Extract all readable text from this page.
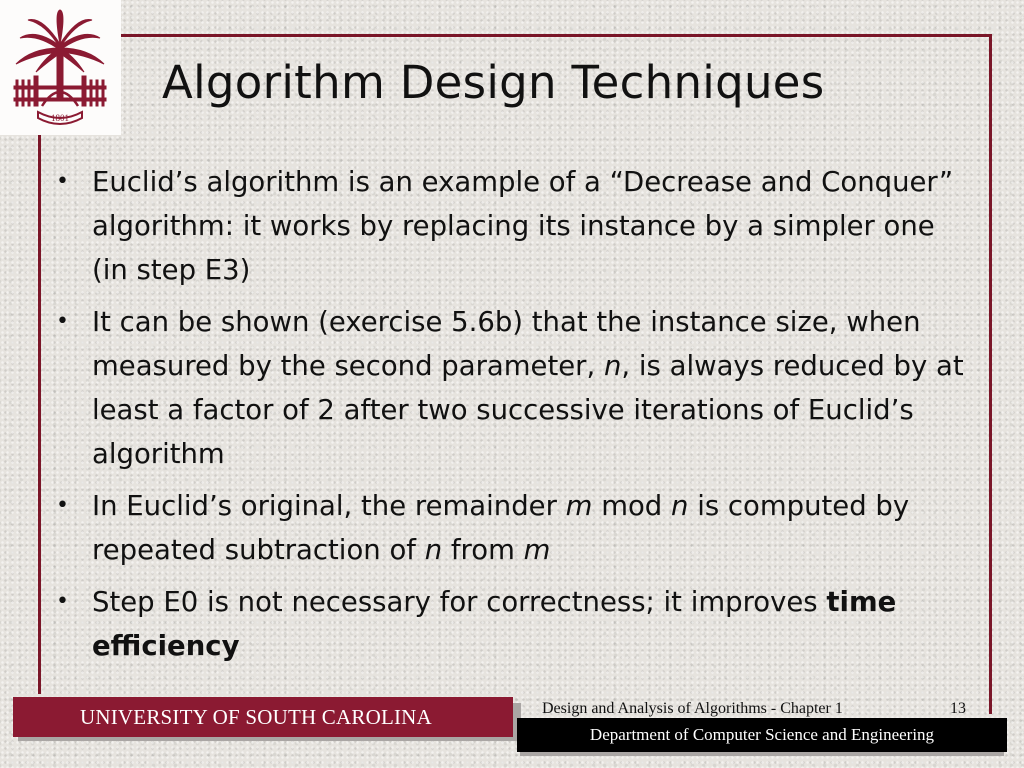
1801
Algorithm Design Techniques
• Euclid’s algorithm is an example of a “Decrease and Conquer” algorithm: it works by replacing its instance by a simpler one (in step E3)
• It can be shown (exercise 5.6b) that the instance size, when measured by the second parameter, n, is always reduced by at least a factor of 2 after two successive iterations of Euclid’s algorithm
• In Euclid’s original, the remainder m mod n is computed by repeated subtraction of n from m
• Step E0 is not necessary for correctness; it improves time efficiency
UNIVERSITY OF SOUTH CAROLINA	Design and Analysis of Algorithms - Chapter 1	13
Department of Computer Science and Engineering
